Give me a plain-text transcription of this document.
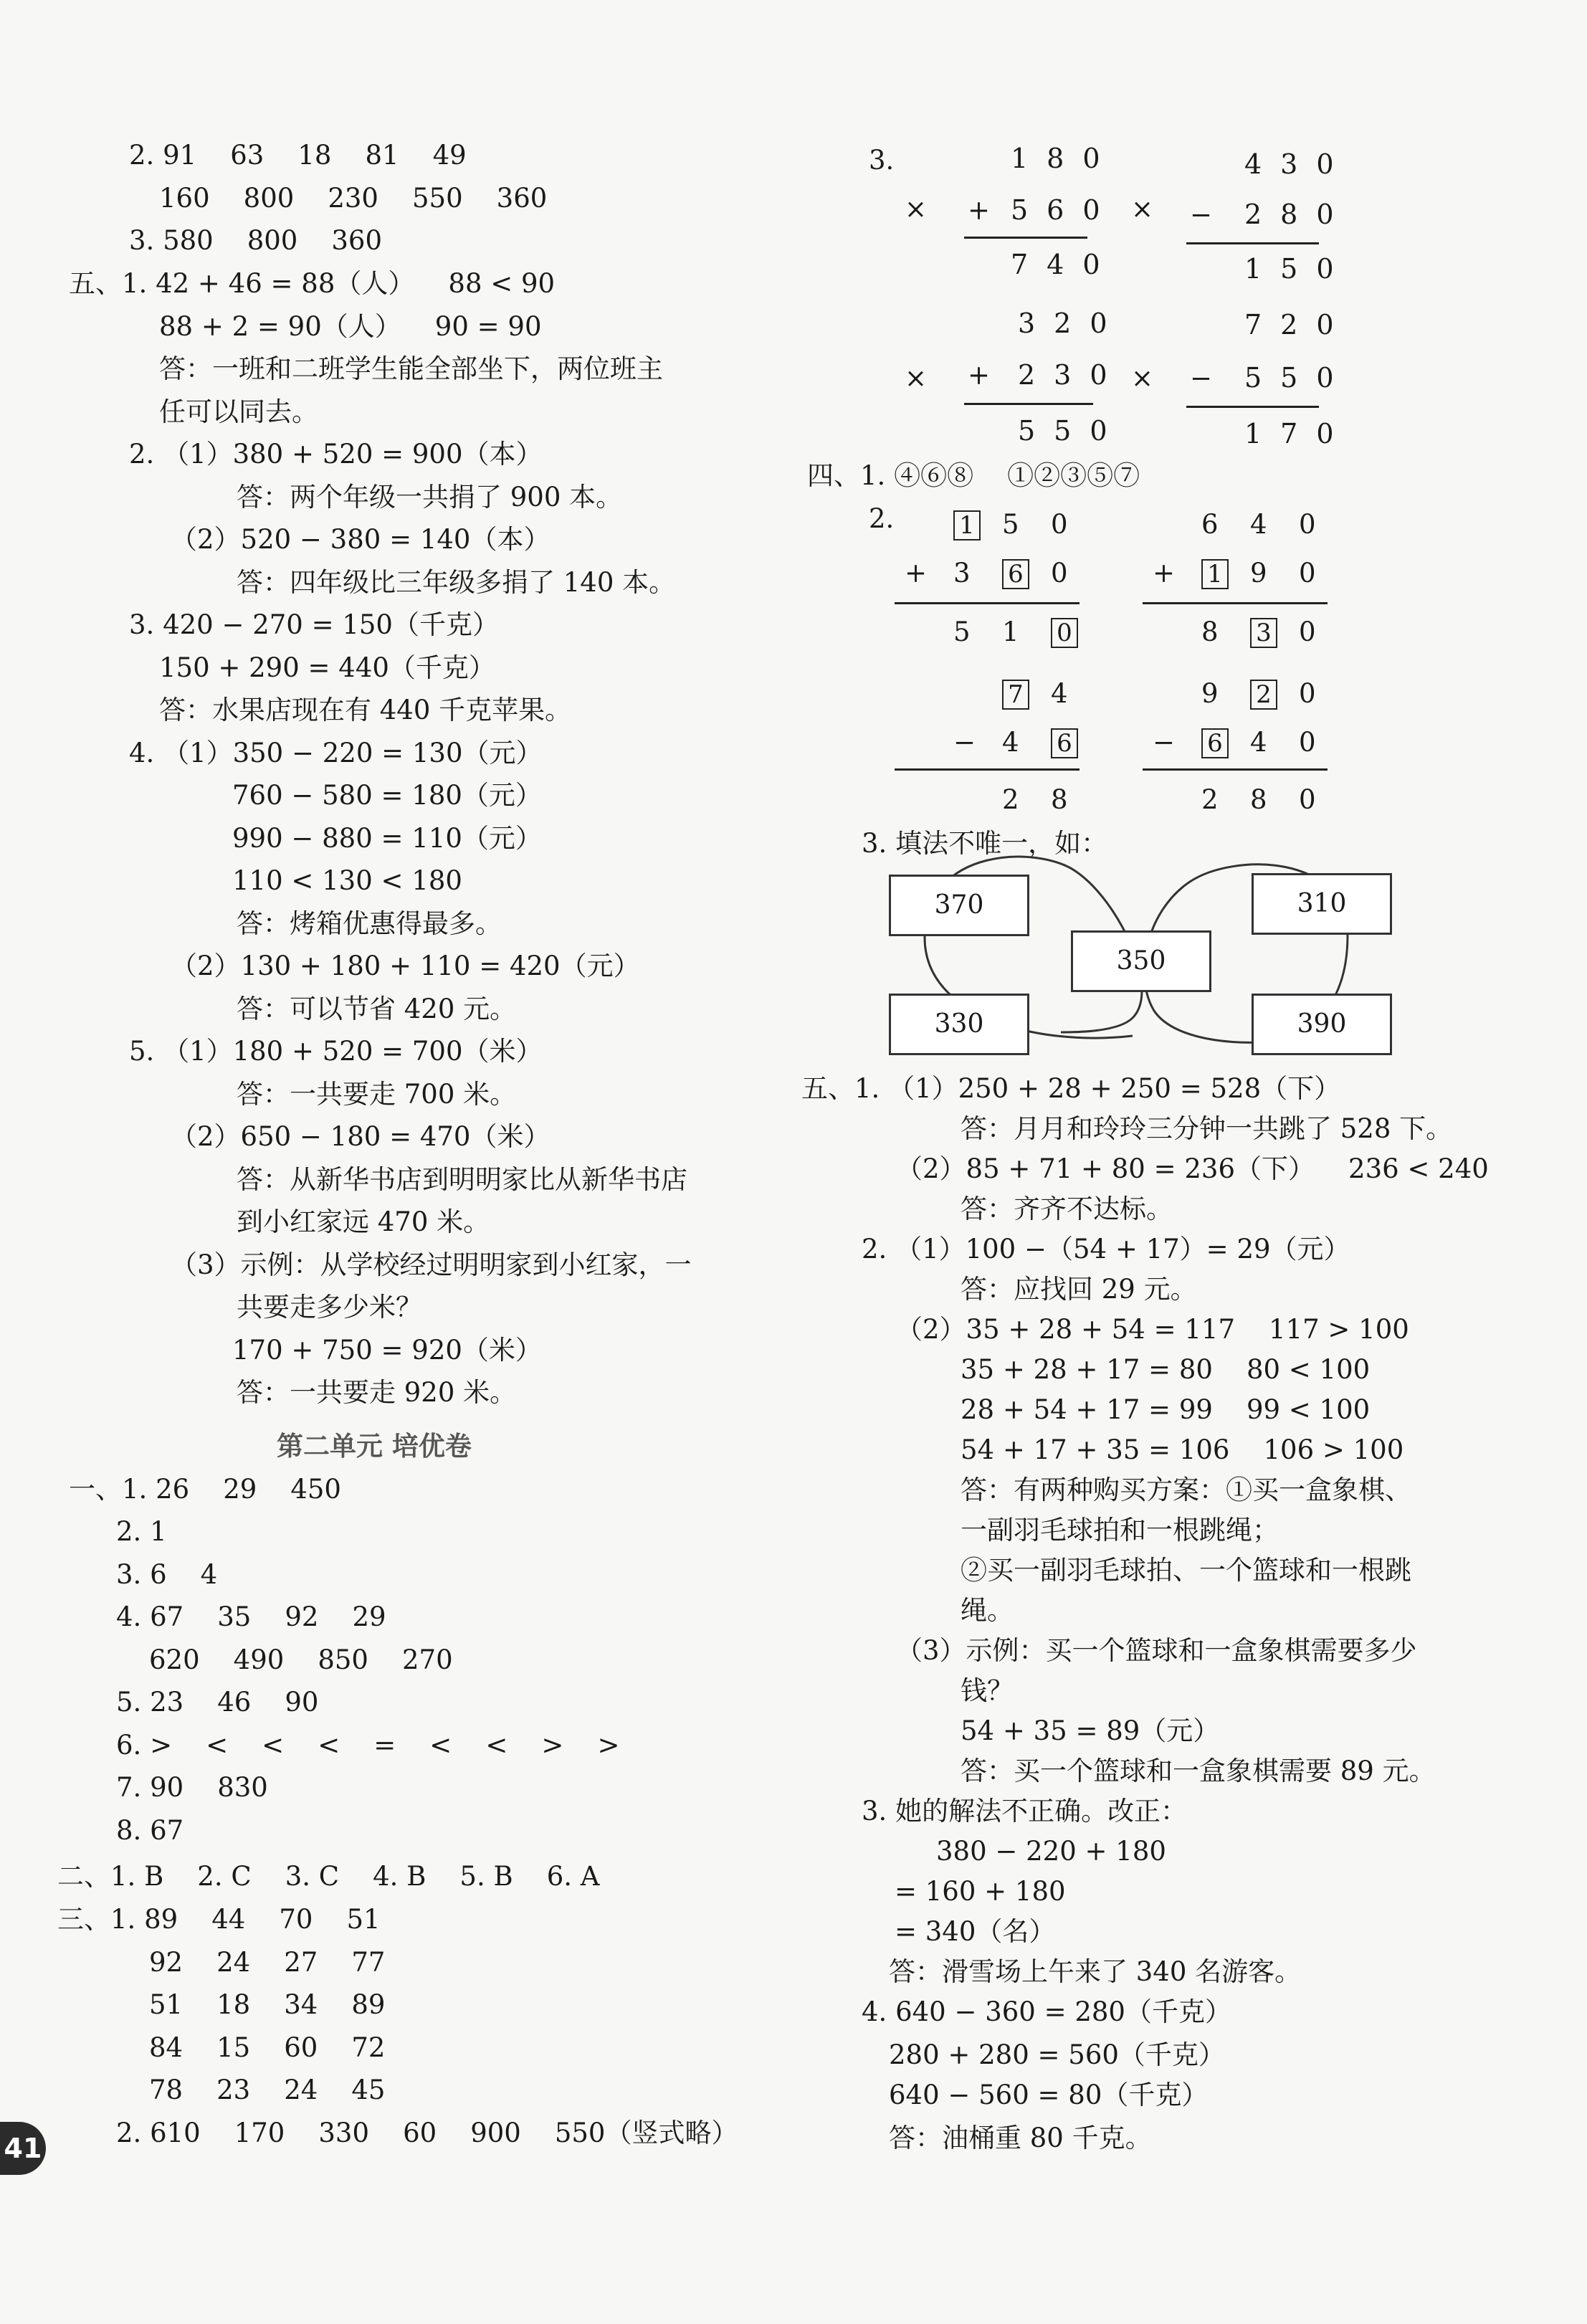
2. 91    63    18    81    49
160    800    230    550    360
3. 580    800    360
五、1. 42 + 46 = 88（人）    88 < 90
88 + 2 = 90（人）    90 = 90
答：一班和二班学生能全部坐下，两位班主
任可以同去。
2. （1）380 + 520 = 900（本）
答：两个年级一共捐了 900 本。
（2）520 − 380 = 140（本）
答：四年级比三年级多捐了 140 本。
3. 420 − 270 = 150（千克）
150 + 290 = 440（千克）
答：水果店现在有 440 千克苹果。
4. （1）350 − 220 = 130（元）
760 − 580 = 180（元）
990 − 880 = 110（元）
110 < 130 < 180
答：烤箱优惠得最多。
（2）130 + 180 + 110 = 420（元）
答：可以节省 420 元。
5. （1）180 + 520 = 700（米）
答：一共要走 700 米。
（2）650 − 180 = 470（米）
答：从新华书店到明明家比从新华书店
到小红家远 470 米。
（3）示例：从学校经过明明家到小红家，一
共要走多少米？
170 + 750 = 920（米）
答：一共要走 920 米。
一、1. 26    29    450
2. 1
3. 6    4
4. 67    35    92    29
620    490    850    270
5. 23    46    90
6. >    <    <    <    =    <    <    >    >
7. 90    830
8. 67
二、1. B    2. C    3. C    4. B    5. B    6. A
三、1. 89    44    70    51
92    24    27    77
51    18    34    89
84    15    60    72
78    23    24    45
2. 610    170    330    60    900    550（竖式略）
第二单元 培优卷
3.
四、1. ④⑥⑧    ①②③⑤⑦
2.
3. 填法不唯一，如：
五、1. （1）250 + 28 + 250 = 528（下）
答：月月和玲玲三分钟一共跳了 528 下。
（2）85 + 71 + 80 = 236（下）    236 < 240
答：齐齐不达标。
2. （1）100 −（54 + 17）= 29（元）
答：应找回 29 元。
（2）35 + 28 + 54 = 117    117 > 100
35 + 28 + 17 = 80    80 < 100
28 + 54 + 17 = 99    99 < 100
54 + 17 + 35 = 106    106 > 100
答：有两种购买方案：①买一盒象棋、
一副羽毛球拍和一根跳绳；
②买一副羽毛球拍、一个篮球和一根跳
绳。
（3）示例：买一个篮球和一盒象棋需要多少
钱？
54 + 35 = 89（元）
答：买一个篮球和一盒象棋需要 89 元。
3. 她的解法不正确。改正：
380 − 220 + 180
= 160 + 180
= 340（名）
答：滑雪场上午来了 340 名游客。
4. 640 − 360 = 280（千克）
280 + 280 = 560（千克）
640 − 560 = 80（千克）
答：油桶重 80 千克。
×
180
+ 560
740
×
430
− 280
150
×
320
+ 230
550
×
720
− 550
170
1 5 0
+ 3 6 0
5 1 0
6 4 0
+ 1 9 0
8 3 0
7 4
− 4 6
2 8
9 2 0
− 6 4 0
2 8 0
370	310
350
330	390
41
